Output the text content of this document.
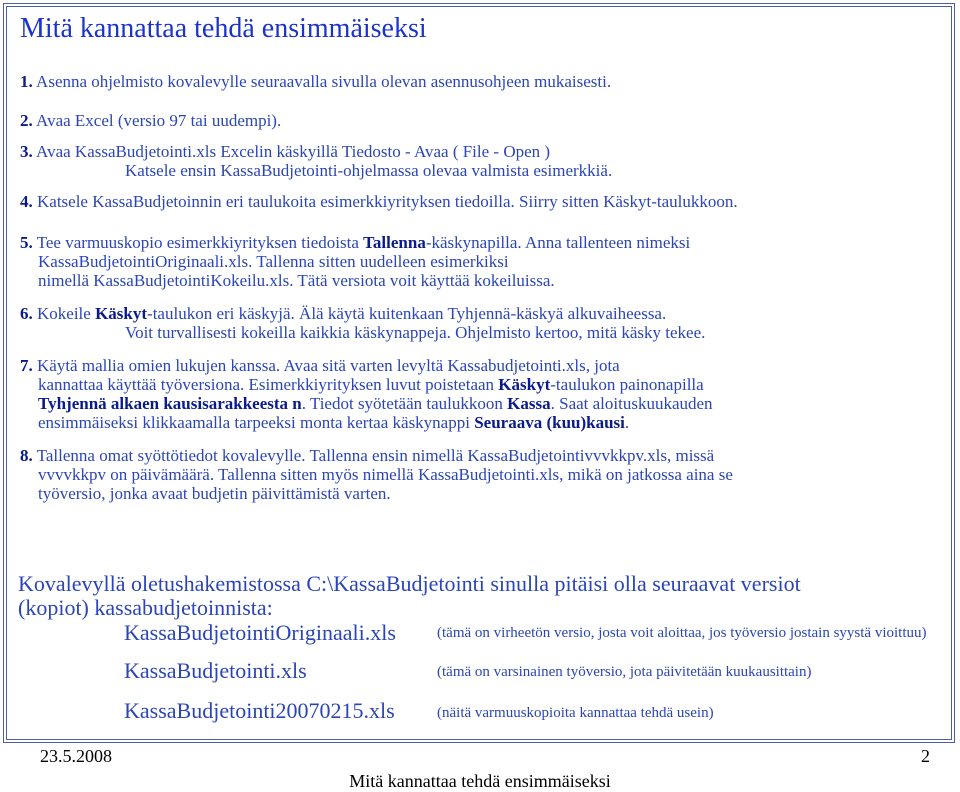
Mitä kannattaa tehdä ensimmäiseksi
1. Asenna ohjelmisto kovalevylle seuraavalla sivulla olevan asennusohjeen mukaisesti.
2. Avaa Excel (versio 97 tai uudempi).
3. Avaa KassaBudjetointi.xls Excelin käskyillä Tiedosto - Avaa ( File - Open )
Katsele ensin KassaBudjetointi-ohjelmassa olevaa valmista esimerkkiä.
4. Katsele KassaBudjetoinnin eri taulukoita esimerkkiyrityksen tiedoilla. Siirry sitten Käskyt-taulukkoon.
5. Tee varmuuskopio esimerkkiyrityksen tiedoista Tallenna-käskynapilla. Anna tallenteen nimeksi
KassaBudjetointiOriginaali.xls. Tallenna sitten uudelleen esimerkiksi
nimellä KassaBudjetointiKokeilu.xls. Tätä versiota voit käyttää kokeiluissa.
6. Kokeile Käskyt-taulukon eri käskyjä. Älä käytä kuitenkaan Tyhjennä-käskyä alkuvaiheessa.
Voit turvallisesti kokeilla kaikkia käskynappeja. Ohjelmisto kertoo, mitä käsky tekee.
7. Käytä mallia omien lukujen kanssa. Avaa sitä varten levyltä Kassabudjetointi.xls, jota
kannattaa käyttää työversiona. Esimerkkiyrityksen luvut poistetaan Käskyt-taulukon painonapilla
Tyhjennä alkaen kausisarakkeesta n. Tiedot syötetään taulukkoon Kassa. Saat aloituskuukauden
ensimmäiseksi klikkaamalla tarpeeksi monta kertaa käskynappi Seuraava (kuu)kausi.
8. Tallenna omat syöttötiedot kovalevylle. Tallenna ensin nimellä KassaBudjetointivvvkkpv.xls, missä
vvvvkkpv on päivämäärä. Tallenna sitten myös nimellä KassaBudjetointi.xls, mikä on jatkossa aina se
työversio, jonka avaat budjetin päivittämistä varten.
Kovalevyllä oletushakemistossa C:\KassaBudjetointi sinulla pitäisi olla seuraavat versiot
(kopiot) kassabudjetoinnista:
KassaBudjetointiOriginaali.xls	(tämä on virheetön versio, josta voit aloittaa, jos työversio jostain syystä vioittuu)
KassaBudjetointi.xls	(tämä on varsinainen työversio, jota päivitetään kuukausittain)
KassaBudjetointi20070215.xls	(näitä varmuuskopioita kannattaa tehdä usein)
23.5.2008	2
Mitä kannattaa tehdä ensimmäiseksi
